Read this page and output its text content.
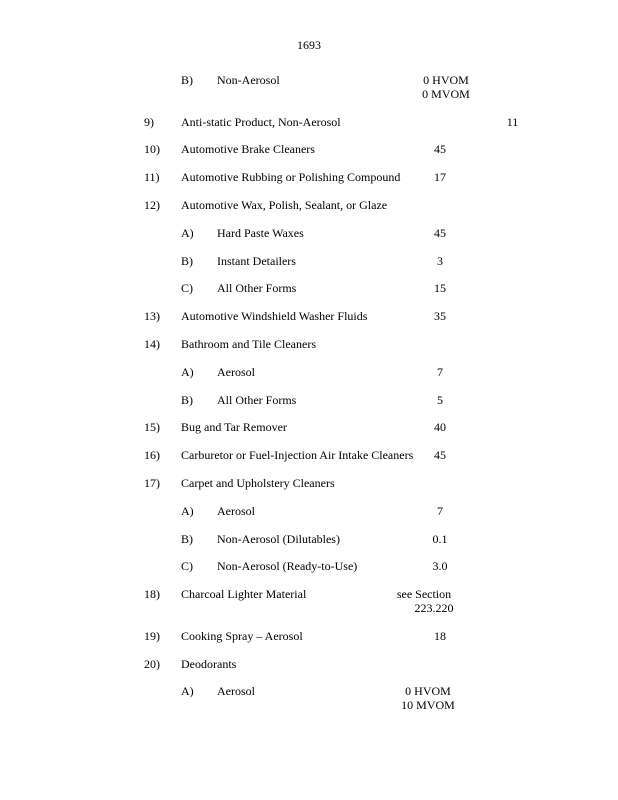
1693
B) Non-Aerosol	0 HVOM
0 MVOM
9) Anti-static Product, Non-Aerosol	11
10) Automotive Brake Cleaners	45
11) Automotive Rubbing or Polishing Compound	17
12) Automotive Wax, Polish, Sealant, or Glaze
A) Hard Paste Waxes	45
B) Instant Detailers	3
C) All Other Forms	15
13) Automotive Windshield Washer Fluids	35
14) Bathroom and Tile Cleaners
A) Aerosol	7
B) All Other Forms	5
15) Bug and Tar Remover	40
16) Carburetor or Fuel-Injection Air Intake Cleaners	45
17) Carpet and Upholstery Cleaners
A) Aerosol	7
B) Non-Aerosol (Dilutables)	0.1
C) Non-Aerosol (Ready-to-Use)	3.0
18) Charcoal Lighter Material	see Section
223.220
19) Cooking Spray – Aerosol	18
20) Deodorants
A) Aerosol	0 HVOM
10 MVOM
